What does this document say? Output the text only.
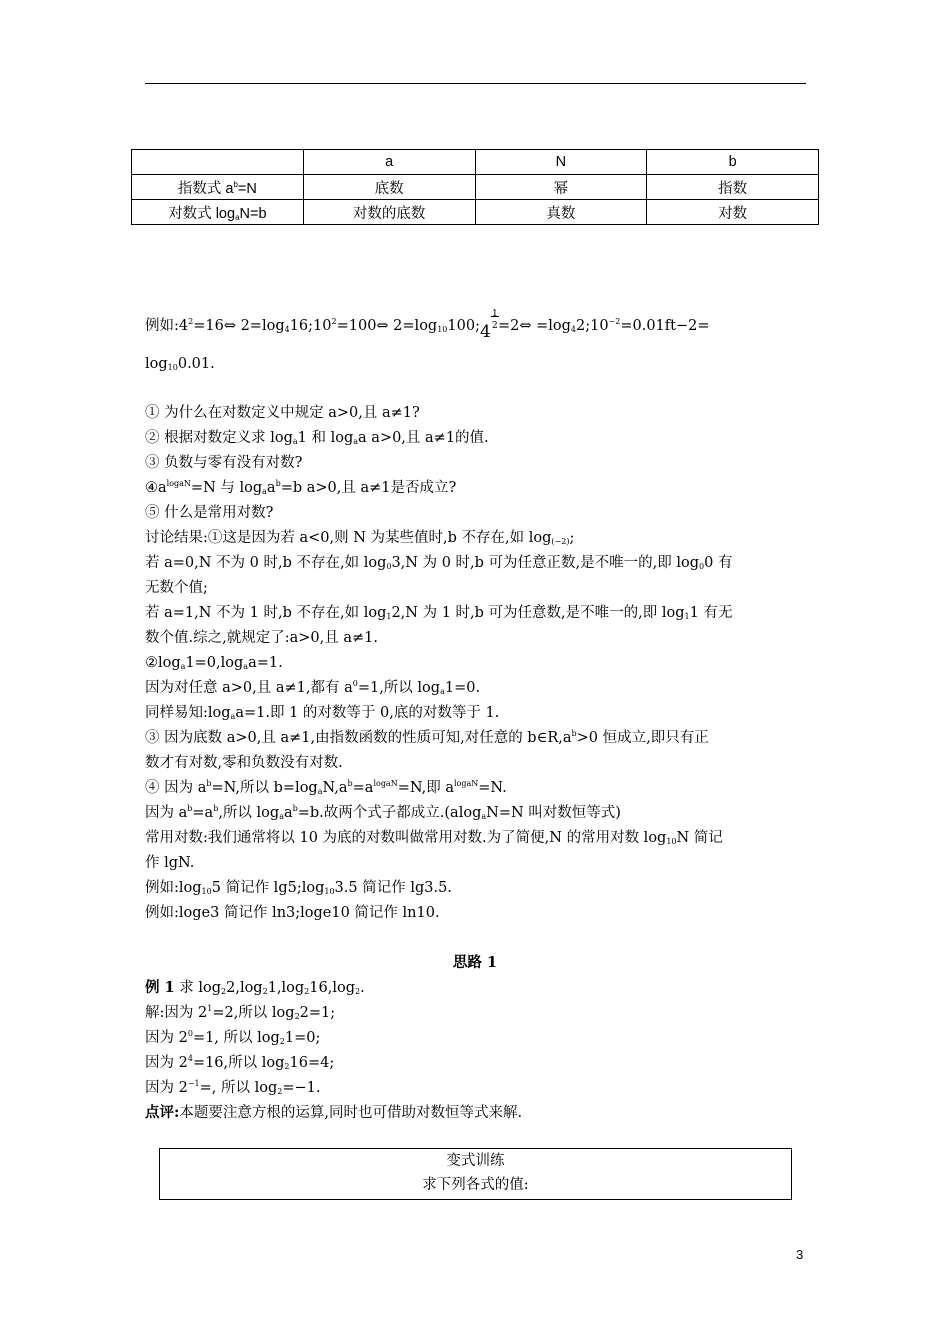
	a	N	b
指数式 $a^b=N$	底数	幂	指数
对数式 $\log_aN=b$	对数的底数	真数	对数
例如$:4^2=16\Leftrightarrow$ $2=\log_416;10^2=100\Leftrightarrow$ $2=\log_{10}100$; 4
1
2 =2⇔ $=\log_42;10^{-2}=0.01ft-2=$
$\log_{10}0.01$.
① 为什么在对数定义中规定 a>0,且 a≠1?
② 根据对数定义求 $\log_a1$ 和 $\log_aa$ a>0,且 a≠1的值.
③ 负数与零有没有对数?
$④a^{logaN}=N$ 与 $\log_aa^b=b$ a>0,且 a≠1是否成立?
⑤ 什么是常用对数?
讨论结果:①这是因为若 a<0,则 N 为某些值时,b 不存在,如 $\log_{(-2)}$;
若 a=0,N 不为 0 时,b 不存在,如 $\log_03,N$ 为 0 时,b 可为任意正数,是不唯一的,即 $\log_00$ 有
无数个值;
若 a=1,N 不为 1 时,b 不存在,如 $\log_12,N$ 为 1 时,b 可为任意数,是不唯一的,即 $\log_11$ 有无
数个值.综之,就规定了:a>0,且 a≠1.
$②\log_a1=0,\log_aa=1$.
因为对任意 a>0,且 a≠1,都有 $a^0=1$,所以 $\log_a1=0$.
同样易知$:\log_aa=1$.即 1 的对数等于 0,底的对数等于 1.
③ 因为底数 a>0,且 a≠1,由指数函数的性质可知,对任意的 $b\in R,a^b>0$ 恒成立,即只有正
数才有对数,零和负数没有对数.
④ 因为 $a^b=N$,所以 $b=\log_aN,a^b=a^{logaN}=N$,即 $a^{logaN}=N$.
因为 $a^b=a^b$,所以 $\log_aa^b=b$.故两个式子都成立.(alog$_a$N=N 叫对数恒等式)
常用对数:我们通常将以 10 为底的对数叫做常用对数.为了简便,N 的常用对数 $\log_{10}N$ 简记
作 lgN.
例如$:\log_{10}5$ 简记作 $\lg 5;\log_{10}3.5$ 简记作 lg3.5.
例如:loge3 简记作 ln3;loge10 简记作 ln10.
思路 1
例 1 求 $\log_22,\log_21,\log_216,\log_2$.
解:因为 $2^1=2$,所以 $\log_22=1$;
因为 $2^0=1$, 所以 $\log_21=0$;
因为 $2^4=16$,所以 $\log_216=4$;
因为 $2^{-1}=$, 所以 $\log_2=-1$.
点评:本题要注意方根的运算,同时也可借助对数恒等式来解.
变式训练
求下列各式的值:
3
